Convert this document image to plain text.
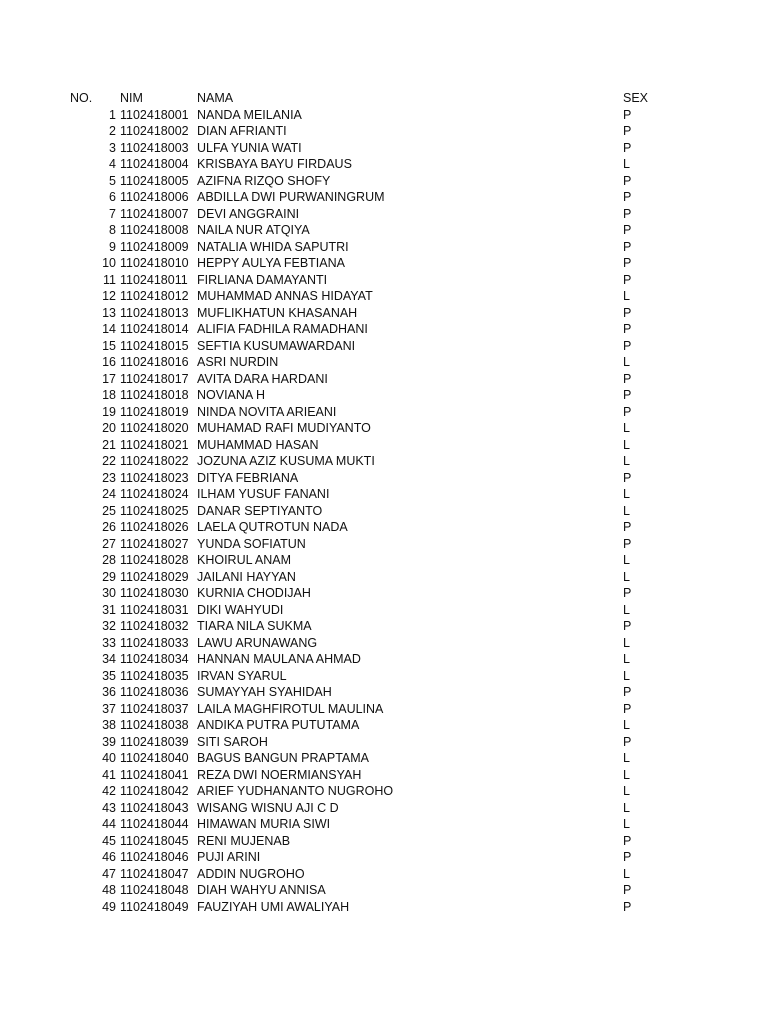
NO.	NIM	NAMA	SEX
1 1102418001 NANDA MEILANIA	P
2 1102418002 DIAN AFRIANTI	P
3 1102418003 ULFA YUNIA WATI	P
4 1102418004 KRISBAYA BAYU FIRDAUS	L
5 1102418005 AZIFNA RIZQO SHOFY	P
6 1102418006 ABDILLA DWI PURWANINGRUM	P
7 1102418007 DEVI ANGGRAINI	P
8 1102418008 NAILA NUR ATQIYA	P
9 1102418009 NATALIA WHIDA SAPUTRI	P
10 1102418010 HEPPY AULYA FEBTIANA	P
11 1102418011 FIRLIANA DAMAYANTI	P
12 1102418012 MUHAMMAD ANNAS HIDAYAT	L
13 1102418013 MUFLIKHATUN KHASANAH	P
14 1102418014 ALIFIA FADHILA RAMADHANI	P
15 1102418015 SEFTIA KUSUMAWARDANI	P
16 1102418016 ASRI NURDIN	L
17 1102418017 AVITA DARA HARDANI	P
18 1102418018 NOVIANA H	P
19 1102418019 NINDA NOVITA ARIEANI	P
20 1102418020 MUHAMAD RAFI MUDIYANTO	L
21 1102418021 MUHAMMAD HASAN	L
22 1102418022 JOZUNA AZIZ KUSUMA MUKTI	L
23 1102418023 DITYA FEBRIANA	P
24 1102418024 ILHAM YUSUF FANANI	L
25 1102418025 DANAR SEPTIYANTO	L
26 1102418026 LAELA QUTROTUN NADA	P
27 1102418027 YUNDA SOFIATUN	P
28 1102418028 KHOIRUL ANAM	L
29 1102418029 JAILANI HAYYAN	L
30 1102418030 KURNIA CHODIJAH	P
31 1102418031 DIKI WAHYUDI	L
32 1102418032 TIARA NILA SUKMA	P
33 1102418033 LAWU ARUNAWANG	L
34 1102418034 HANNAN MAULANA AHMAD	L
35 1102418035 IRVAN SYARUL	L
36 1102418036 SUMAYYAH SYAHIDAH	P
37 1102418037 LAILA MAGHFIROTUL MAULINA	P
38 1102418038 ANDIKA PUTRA PUTUTAMA	L
39 1102418039 SITI SAROH	P
40 1102418040 BAGUS BANGUN PRAPTAMA	L
41 1102418041 REZA DWI NOERMIANSYAH	L
42 1102418042 ARIEF YUDHANANTO NUGROHO	L
43 1102418043 WISANG WISNU AJI C D	L
44 1102418044 HIMAWAN MURIA SIWI	L
45 1102418045 RENI MUJENAB	P
46 1102418046 PUJI ARINI	P
47 1102418047 ADDIN NUGROHO	L
48 1102418048 DIAH WAHYU ANNISA	P
49 1102418049 FAUZIYAH UMI AWALIYAH	P
